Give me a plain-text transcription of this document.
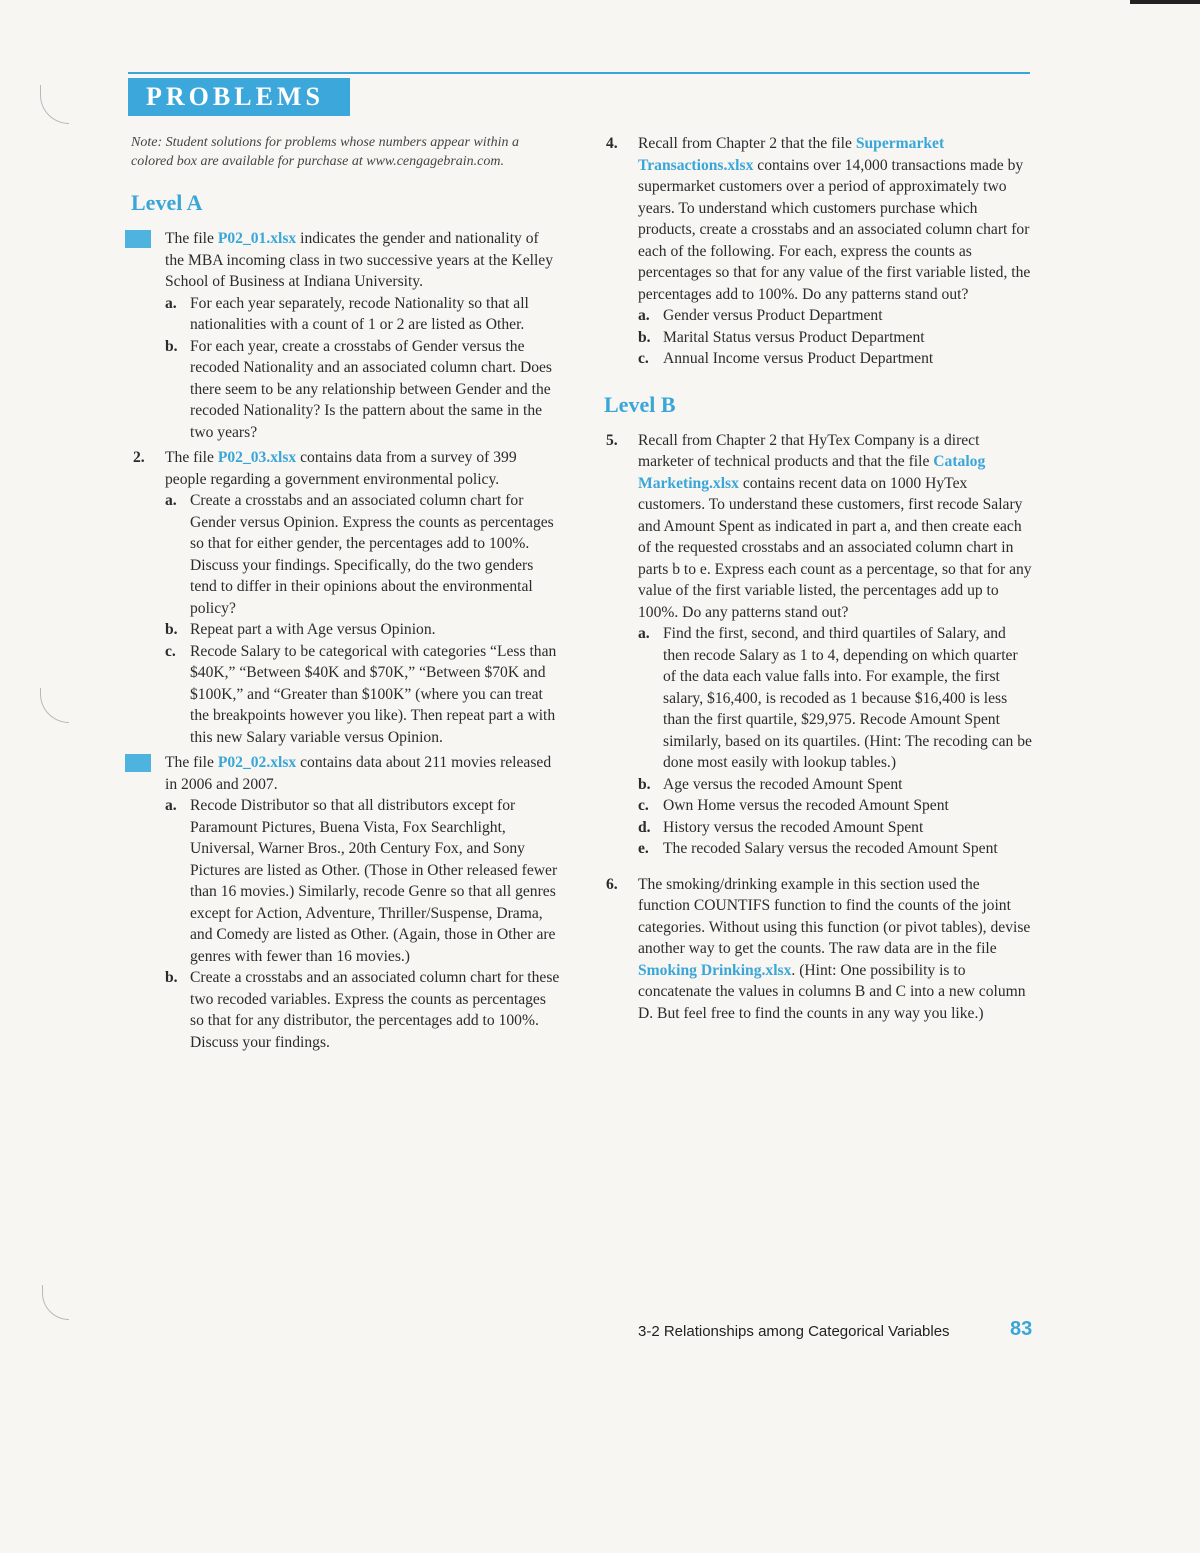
PROBLEMS
Note: Student solutions for problems whose numbers appear within a colored box are available for purchase at www.cengagebrain.com.
Level A
1.	The file P02_01.xlsx indicates the gender and nationality of the MBA incoming class in two successive years at the Kelley School of Business at Indiana University.
a. For each year separately, recode Nationality so that all nationalities with a count of 1 or 2 are listed as Other.
b. For each year, create a crosstabs of Gender versus the recoded Nationality and an associated column chart. Does there seem to be any relationship between Gender and the recoded Nationality? Is the pattern about the same in the two years?
2. The file P02_03.xlsx contains data from a survey of 399 people regarding a government environmental policy.
a. Create a crosstabs and an associated column chart for Gender versus Opinion. Express the counts as percentages so that for either gender, the percentages add to 100%. Discuss your findings. Specifically, do the two genders tend to differ in their opinions about the environmental policy?
b. Repeat part a with Age versus Opinion.
c. Recode Salary to be categorical with categories “Less than $40K,” “Between $40K and $70K,” “Between $70K and $100K,” and “Greater than $100K” (where you can treat the breakpoints however you like). Then repeat part a with this new Salary variable versus Opinion.
3.	The file P02_02.xlsx contains data about 211 movies released in 2006 and 2007.
a. Recode Distributor so that all distributors except for Paramount Pictures, Buena Vista, Fox Searchlight, Universal, Warner Bros., 20th Century Fox, and Sony Pictures are listed as Other. (Those in Other released fewer than 16 movies.) Similarly, recode Genre so that all genres except for Action, Adventure, Thriller/Suspense, Drama, and Comedy are listed as Other. (Again, those in Other are genres with fewer than 16 movies.)
b. Create a crosstabs and an associated column chart for these two recoded variables. Express the counts as percentages so that for any distributor, the percentages add to 100%. Discuss your findings.
4. Recall from Chapter 2 that the file Supermarket Transactions.xlsx contains over 14,000 transactions made by supermarket customers over a period of approximately two years. To understand which customers purchase which products, create a crosstabs and an associated column chart for each of the following. For each, express the counts as percentages so that for any value of the first variable listed, the percentages add to 100%. Do any patterns stand out?
a. Gender versus Product Department
b. Marital Status versus Product Department
c. Annual Income versus Product Department
Level B
5. Recall from Chapter 2 that HyTex Company is a direct marketer of technical products and that the file Catalog Marketing.xlsx contains recent data on 1000 HyTex customers. To understand these customers, first recode Salary and Amount Spent as indicated in part a, and then create each of the requested crosstabs and an associated column chart in parts b to e. Express each count as a percentage, so that for any value of the first variable listed, the percentages add up to 100%. Do any patterns stand out?
a. Find the first, second, and third quartiles of Salary, and then recode Salary as 1 to 4, depending on which quarter of the data each value falls into. For example, the first salary, $16,400, is recoded as 1 because $16,400 is less than the first quartile, $29,975. Recode Amount Spent similarly, based on its quartiles. (Hint: The recoding can be done most easily with lookup tables.)
b. Age versus the recoded Amount Spent
c. Own Home versus the recoded Amount Spent
d. History versus the recoded Amount Spent
e. The recoded Salary versus the recoded Amount Spent
6. The smoking/drinking example in this section used the function COUNTIFS function to find the counts of the joint categories. Without using this function (or pivot tables), devise another way to get the counts. The raw data are in the file Smoking Drinking.xlsx. (Hint: One possibility is to concatenate the values in columns B and C into a new column D. But feel free to find the counts in any way you like.)
3-2 Relationships among Categorical Variables	83
